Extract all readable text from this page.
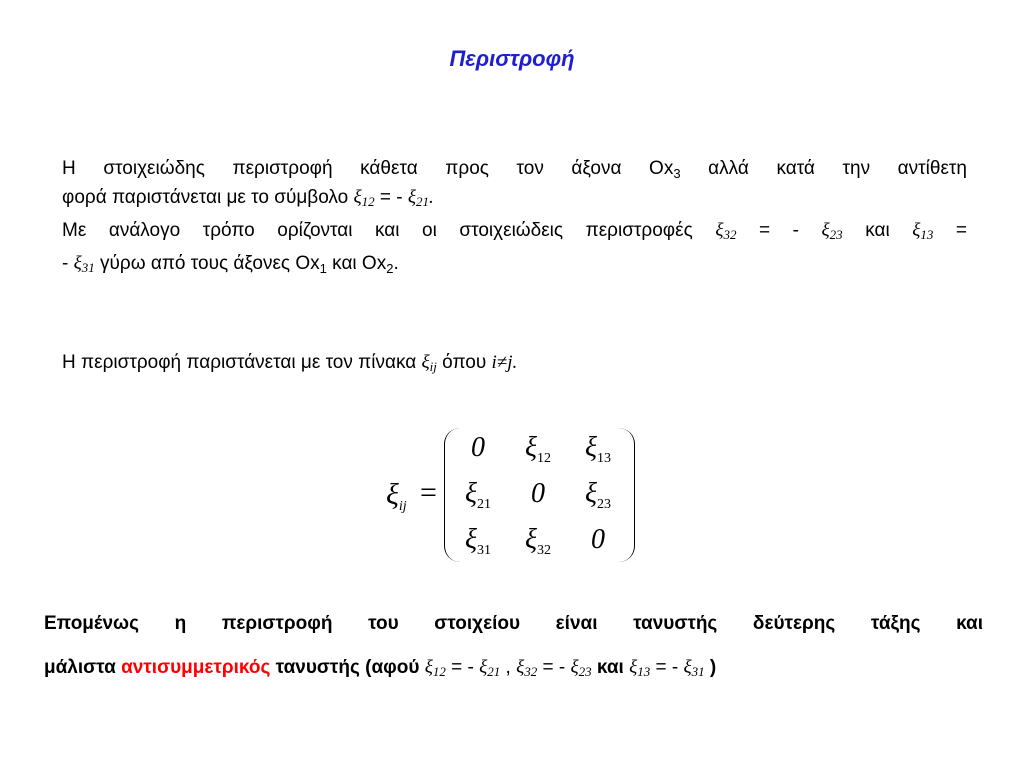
Περιστροφή
Η στοιχειώδης περιστροφή κάθετα προς τον άξονα $Ox_3$ αλλά κατά την αντίθετη
φορά παριστάνεται με το σύμβολο ξ12 = - ξ21.
Με ανάλογο τρόπο ορίζονται και οι στοιχειώδεις περιστροφές ξ32 = - ξ23 και ξ13 =
- ξ31 γύρω από τους άξονες $Ox_1$ και $Ox_2$.
Η περιστροφή παριστάνεται με τον πίνακα ξij όπου i≠j.
$\xi_{ij}$ =
0	$\xi_{12}$	$\xi_{13}$
$\xi_{21}$	0	$\xi_{23}$
$\xi_{31}$	$\xi_{32}$	0
Επομένως η περιστροφή του στοιχείου είναι τανυστής δεύτερης τάξης και
μάλιστα αντισυμμετρικός τανυστής (αφού ξ12 = - ξ21 , ξ32 = - ξ23 και ξ13 = - ξ31 )
